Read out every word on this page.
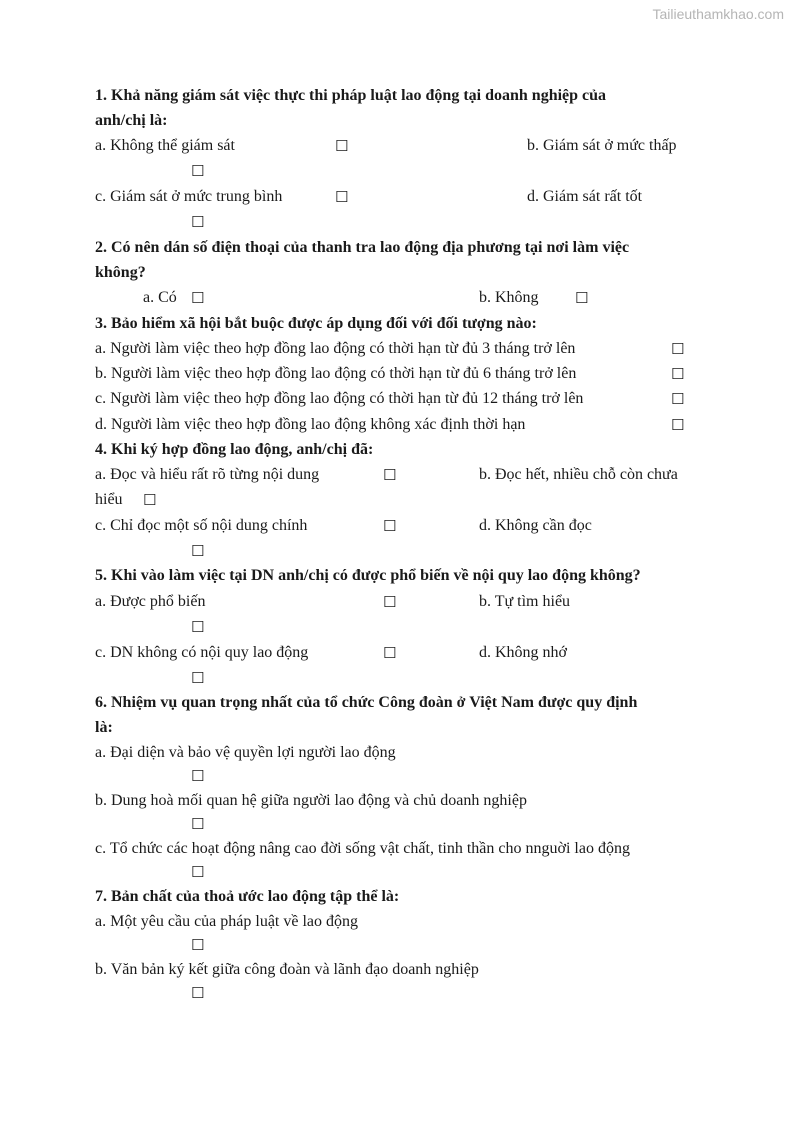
Tailieuthamkhao.com
1. Khả năng giám sát việc thực thi pháp luật lao động tại doanh nghiệp của
anh/chị là:
a. Không thể giám sát	☐	b. Giám sát ở mức thấp
☐
c. Giám sát ở mức trung bình	☐	d. Giám sát rất tốt
☐
2. Có nên dán số điện thoại của thanh tra lao động địa phương tại nơi làm việc
không?
a. Có ☐	b. Không ☐
3. Bảo hiểm xã hội bắt buộc được áp dụng đối với đối tượng nào:
a. Người làm việc theo hợp đồng lao động có thời hạn từ đủ 3 tháng trở lên	☐
b. Người làm việc theo hợp đồng lao động có thời hạn từ đủ 6 tháng trở lên	☐
c. Người làm việc theo hợp đồng lao động có thời hạn từ đủ 12 tháng trở lên	☐
d. Người làm việc theo hợp đồng lao động không xác định thời hạn	☐
4. Khi ký hợp đồng lao động, anh/chị đã:
a. Đọc và hiểu rất rõ từng nội dung	☐	b. Đọc hết, nhiều chỗ còn chưa
hiểu ☐
c. Chỉ đọc một số nội dung chính	☐	d. Không cần đọc
☐
5. Khi vào làm việc tại DN anh/chị có được phổ biến về nội quy lao động không?
a. Được phổ biến	☐	b. Tự tìm hiểu
☐
c. DN không có nội quy lao động	☐	d. Không nhớ
☐
6. Nhiệm vụ quan trọng nhất của tổ chức Công đoàn ở Việt Nam được quy định
là:
a. Đại diện và bảo vệ quyền lợi người lao động
☐
b. Dung hoà mối quan hệ giữa người lao động và chủ doanh nghiệp
☐
c. Tổ chức các hoạt động nâng cao đời sống vật chất, tinh thần cho nnguời lao động
☐
7. Bản chất của thoả ước lao động tập thể là:
a. Một yêu cầu của pháp luật về lao động
☐
b. Văn bản ký kết giữa công đoàn và lãnh đạo doanh nghiệp
☐
